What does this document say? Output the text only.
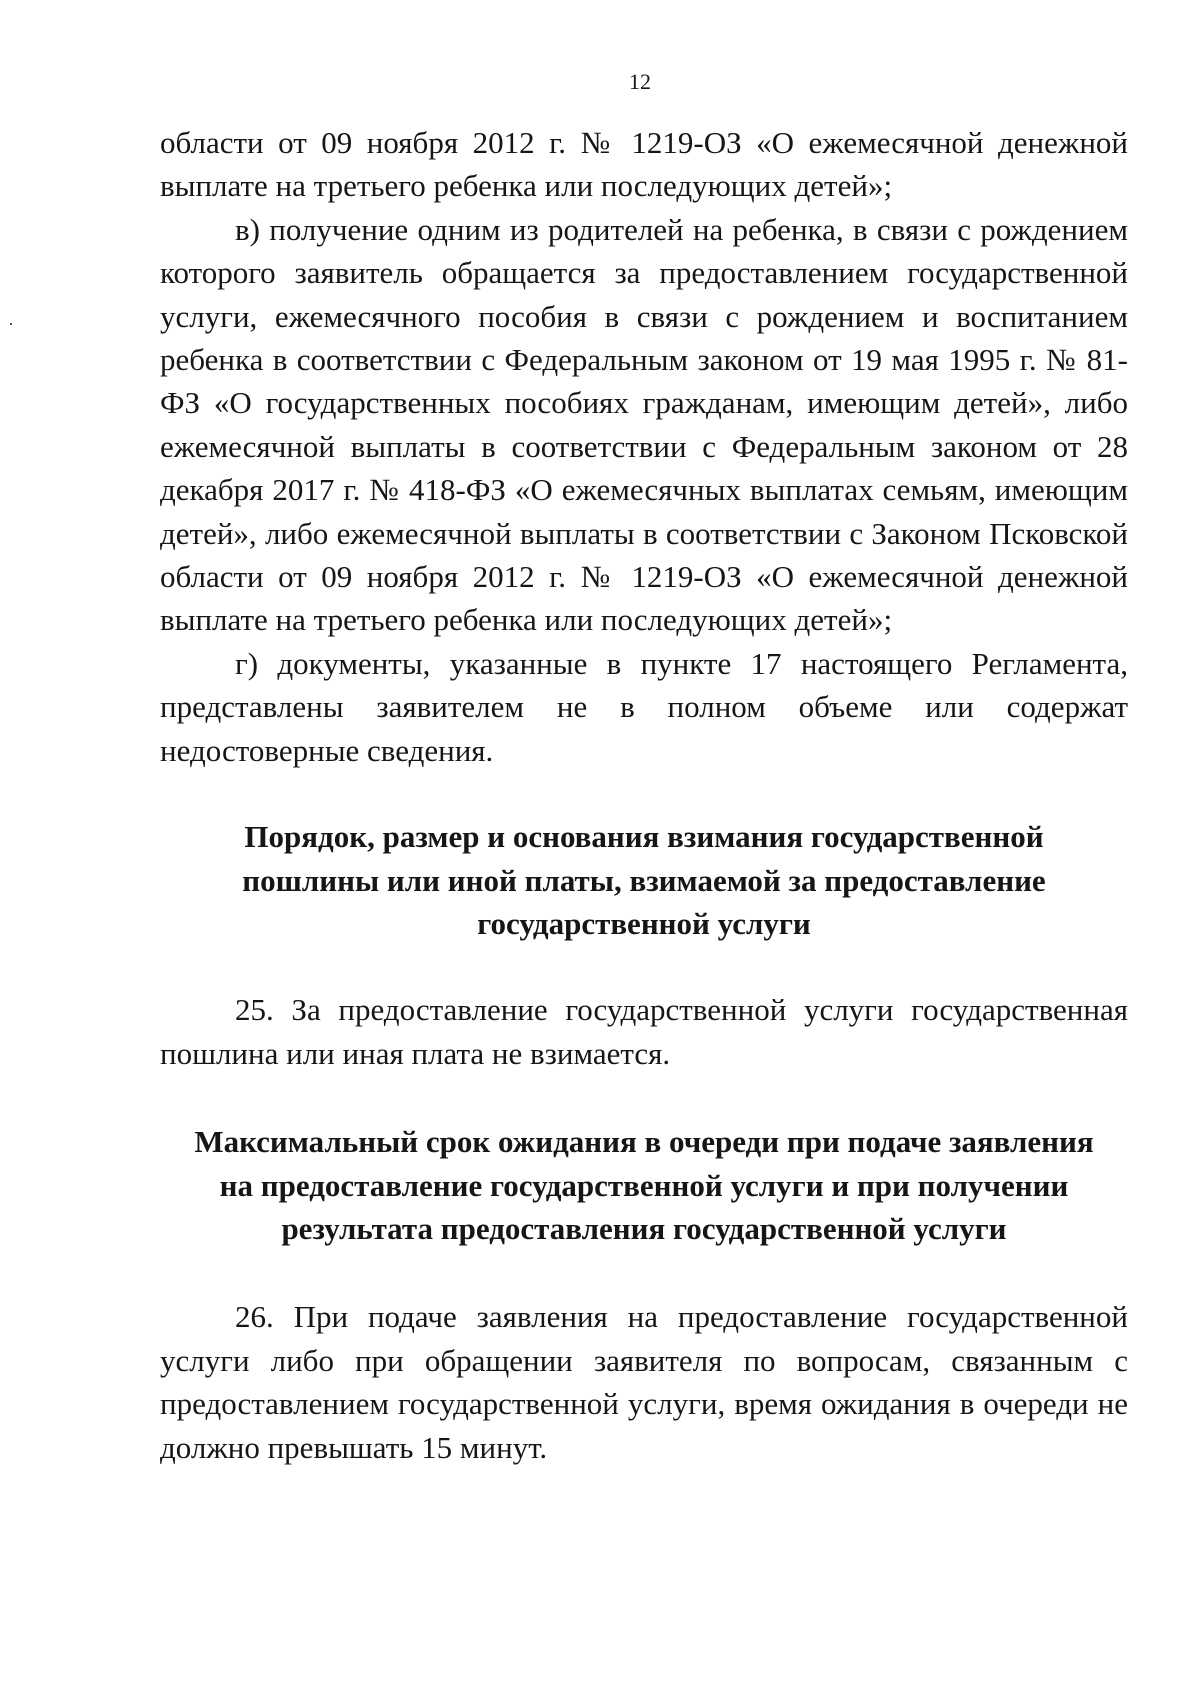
12

области от 09 ноября 2012 г. № 1219-ОЗ «О ежемесячной денежной выплате на третьего ребенка или последующих детей»;

в) получение одним из родителей на ребенка, в связи с рождением которого заявитель обращается за предоставлением государственной услуги, ежемесячного пособия в связи с рождением и воспитанием ребенка в соответствии с Федеральным законом от 19 мая 1995 г. № 81-ФЗ «О государственных пособиях гражданам, имеющим детей», либо ежемесячной выплаты в соответствии с Федеральным законом от 28 декабря 2017 г. № 418-ФЗ «О ежемесячных выплатах семьям, имеющим детей», либо ежемесячной выплаты в соответствии с Законом Псковской области от 09 ноября 2012 г. № 1219-ОЗ «О ежемесячной денежной выплате на третьего ребенка или последующих детей»;

г) документы, указанные в пункте 17 настоящего Регламента, представлены заявителем не в полном объеме или содержат недостоверные сведения.

Порядок, размер и основания взимания государственной пошлины или иной платы, взимаемой за предоставление государственной услуги

25. За предоставление государственной услуги государственная пошлина или иная плата не взимается.

Максимальный срок ожидания в очереди при подаче заявления на предоставление государственной услуги и при получении результата предоставления государственной услуги

26. При подаче заявления на предоставление государственной услуги либо при обращении заявителя по вопросам, связанным с предоставлением государственной услуги, время ожидания в очереди не должно превышать 15 минут.
